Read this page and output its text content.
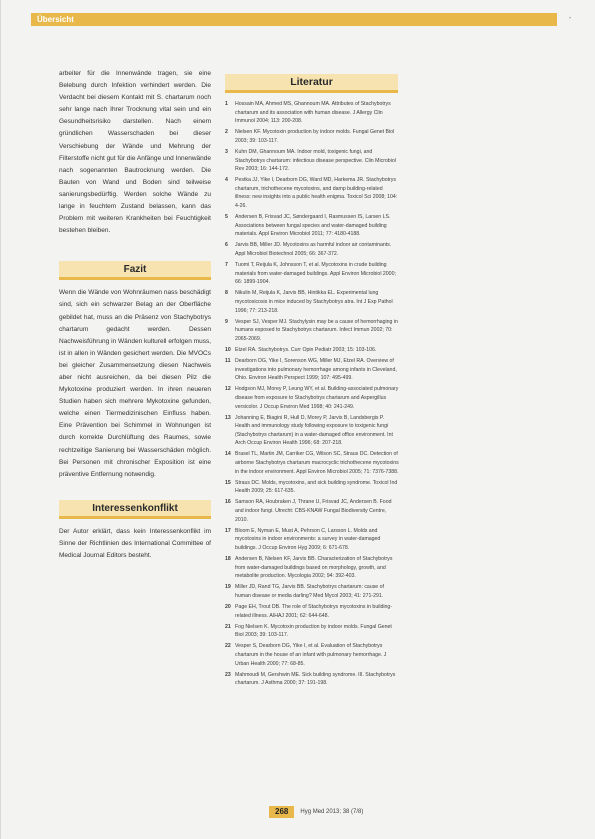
Übersicht	•

arbeiter für die Innenwände tragen, sie eine Belebung durch Infektion verhindert werden. Die Verdacht bei diesem Kontakt mit S. chartarum noch sehr lange nach Ihrer Trocknung vital sein und ein Gesundheitsrisiko darstellen. Nach einem gründlichen Wasserschaden bei dieser Verschiebung der Wände und Mehrung der Filterstoffe nicht gut für die Anfänge und Innenwände nach sogenannten Bautrocknung werden. Die Bauten von Wand und Boden sind teilweise sanierungsbedürftig. Werden solche Wände zu lange in feuchtem Zustand belassen, kann das Problem mit weiteren Krankheiten bei Feuchtigkeit bestehen bleiben.

Fazit

Wenn die Wände von Wohnräumen nass beschädigt sind, sich ein schwarzer Belag an der Oberfläche gebildet hat, muss an die Präsenz von Stachybotrys chartarum gedacht werden. Dessen Nachweisführung in Wänden kulturell erfolgen muss, ist in allen in Wänden gesichert werden. Die MVOCs bei gleicher Zusammensetzung diesen Nachweis aber nicht ausreichen, da bei diesen Pilz die Mykotoxine produziert werden. In ihren neueren Studien haben sich mehrere Mykotoxine gefunden, welche einen Tiermedizinischen Einfluss haben. Eine Prävention bei Schimmel in Wohnungen ist durch korrekte Durchlüftung des Raumes, sowie rechtzeitige Sanierung bei Wasserschäden möglich. Bei Personen mit chronischer Exposition ist eine präventive Entfernung notwendig.

Interessenkonflikt

Der Autor erklärt, dass kein Interessenkonflikt im Sinne der Richtlinien des International Committee of Medical Journal Editors besteht.

Literatur
1	Hossain MA, Ahmed MS, Ghannoum MA. Attributes of Stachybotrys chartarum and its association with human disease. J Allergy Clin Immunol 2004; 113: 200-208.
2	Nielsen KF. Mycotoxin production by indoor molds. Fungal Genet Biol 2003; 39: 103-117.
3	Kuhn DM, Ghannoum MA. Indoor mold, toxigenic fungi, and Stachybotrys chartarum: infectious disease perspective. Clin Microbiol Rev 2003; 16: 144-172.
4	Pestka JJ, Yike I, Dearborn DG, Ward MD, Harkema JR. Stachybotrys chartarum, trichothecene mycotoxins, and damp building-related illness: new insights into a public health enigma. Toxicol Sci 2008; 104: 4-26.
5	Andersen B, Frisvad JC, Søndergaard I, Rasmussen IS, Larsen LS. Associations between fungal species and water-damaged building materials. Appl Environ Microbiol 2011; 77: 4180-4188.
6	Jarvis BB, Miller JD. Mycotoxins as harmful indoor air contaminants. Appl Microbiol Biotechnol 2005; 66: 367-372.
7	Tuomi T, Reijula K, Johnsson T, et al. Mycotoxins in crude building materials from water-damaged buildings. Appl Environ Microbiol 2000; 66: 1899-1904.
8	Nikulin M, Reijula K, Jarvis BB, Hintikka EL. Experimental lung mycotoxicosis in mice induced by Stachybotrys atra. Int J Exp Pathol 1996; 77: 213-218.
9	Vesper SJ, Vesper MJ. Stachylysin may be a cause of hemorrhaging in humans exposed to Stachybotrys chartarum. Infect Immun 2002; 70: 2065-2069.
10 Etzel RA. Stachybotrys. Curr Opin Pediatr 2003; 15: 103-106.
11 Dearborn DG, Yike I, Sorenson WG, Miller MJ, Etzel RA. Overview of investigations into pulmonary hemorrhage among infants in Cleveland, Ohio. Environ Health Perspect 1999; 107: 495-499.
12 Hodgson MJ, Morey P, Leung WY, et al. Building-associated pulmonary disease from exposure to Stachybotrys chartarum and Aspergillus versicolor. J Occup Environ Med 1998; 40: 241-249.
13 Johanning E, Biagini R, Hull D, Morey P, Jarvis B, Landsbergis P. Health and immunology study following exposure to toxigenic fungi (Stachybotrys chartarum) in a water-damaged office environment. Int Arch Occup Environ Health 1996; 68: 207-218.
14 Brasel TL, Martin JM, Carriker CG, Wilson SC, Straus DC. Detection of airborne Stachybotrys chartarum macrocyclic trichothecene mycotoxins in the indoor environment. Appl Environ Microbiol 2005; 71: 7376-7388.
15 Straus DC. Molds, mycotoxins, and sick building syndrome. Toxicol Ind Health 2009; 25: 617-635.
16 Samson RA, Houbraken J, Thrane U, Frisvad JC, Andersen B. Food and indoor fungi. Utrecht: CBS-KNAW Fungal Biodiversity Centre, 2010.
17 Bloom E, Nyman E, Must A, Pehrson C, Larsson L. Molds and mycotoxins in indoor environments: a survey in water-damaged buildings. J Occup Environ Hyg 2009; 6: 671-678.
18 Andersen B, Nielsen KF, Jarvis BB. Characterization of Stachybotrys from water-damaged buildings based on morphology, growth, and metabolite production. Mycologia 2002; 94: 392-403.
19 Miller JD, Rand TG, Jarvis BB. Stachybotrys chartarum: cause of human disease or media darling? Med Mycol 2003; 41: 271-291.
20 Page EH, Trout DB. The role of Stachybotrys mycotoxins in building-related illness. AIHAJ 2001; 62: 644-648.
21 Fog Nielsen K. Mycotoxin production by indoor molds. Fungal Genet Biol 2003; 39: 103-117.
22 Vesper S, Dearborn DG, Yike I, et al. Evaluation of Stachybotrys chartarum in the house of an infant with pulmonary hemorrhage. J Urban Health 2000; 77: 68-85.
23 Mahmoudi M, Gershwin ME. Sick building syndrome. III. Stachybotrys chartarum. J Asthma 2000; 37: 191-198.
268	Hyg Med 2013; 38 (7/8)
